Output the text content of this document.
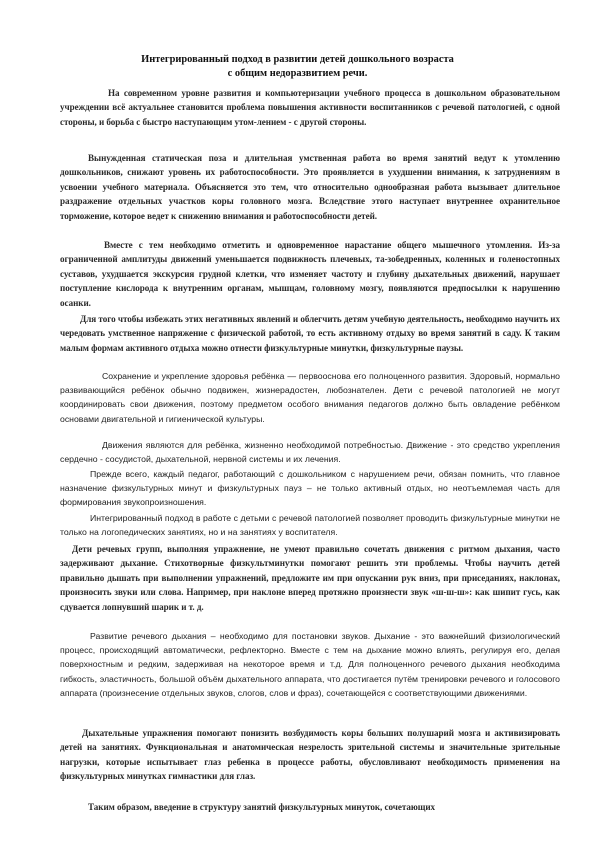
Интегрированный подход в развитии детей дошкольного возраста
с общим недоразвитием речи.

На современном уровне развития и компьютеризации учебного процесса в дошкольном образовательном учреждении всё актуальнее становится проблема повышения активности воспитанников с речевой патологией, с одной стороны, и борьба с быстро наступающим утом-лением - с другой стороны.

Вынужденная статическая поза и длительная умственная работа во время занятий ведут к утомлению дошкольников, снижают уровень их работоспособности. Это проявляется в ухудшении внимания, к затруднениям в усвоении учебного материала. Объясняется это тем, что относительно однообразная работа вызывает длительное раздражение отдельных участков коры головного мозга. Вследствие этого наступает внутреннее охранительное торможение, которое ведет к снижению внимания и работоспособности детей.

Вместе с тем необходимо отметить и одновременное нарастание общего мышечного утомления. Из-за ограниченной амплитуды движений уменьшается подвижность плечевых, та-зобедренных, коленных и голеностопных суставов, ухудшается экскурсия грудной клетки, что изменяет частоту и глубину дыхательных движений, нарушает поступление кислорода к внутренним органам, мышцам, головному мозгу, появляются предпосылки к нарушению осанки.

Для того чтобы избежать этих негативных явлений и облегчить детям учебную деятельность, необходимо научить их чередовать умственное напряжение с физической работой, то есть активному отдыху во время занятий в саду. К таким малым формам активного отдыха можно отнести физкультурные минутки, физкультурные паузы.

Сохранение и укрепление здоровья ребёнка — первооснова его полноценного развития. Здоровый, нормально развивающийся ребёнок обычно подвижен, жизнерадостен, любознателен. Дети с речевой патологией не могут координировать свои движения, поэтому предметом особого внимания педагогов должно быть овладение ребёнком основами двигательной и гигиенической культуры.

Движения являются для ребёнка, жизненно необходимой потребностью. Движение - это средство укрепления сердечно - сосудистой, дыхательной, нервной системы и их лечения.

Прежде всего, каждый педагог, работающий с дошкольником с нарушением речи, обязан помнить, что главное назначение физкультурных минут и физкультурных пауз – не только активный отдых, но неотъемлемая часть для формирования звукопроизношения.

Интегрированный подход в работе с детьми с речевой патологией позволяет проводить физкультурные минутки не только на логопедических занятиях, но и на занятиях у воспитателя.

Дети речевых групп, выполняя упражнение, не умеют правильно сочетать движения с ритмом дыхания, часто задерживают дыхание. Стихотворные физкультминутки помогают решить эти проблемы. Чтобы научить детей правильно дышать при выполнении упражнений, предложите им при опускании рук вниз, при приседаниях, наклонах, произносить звуки или слова. Например, при наклоне вперед протяжно произнести звук «ш-ш-ш»: как шипит гусь, как сдувается лопнувший шарик и т. д.

Развитие речевого дыхания – необходимо для постановки звуков. Дыхание - это важнейший физиологический процесс, происходящий автоматически, рефлекторно. Вместе с тем на дыхание можно влиять, регулируя его, делая поверхностным и редким, задерживая на некоторое время и т.д. Для полноценного речевого дыхания необходима гибкость, эластичность, большой объём дыхательного аппарата, что достигается путём тренировки речевого и голосового аппарата (произнесение отдельных звуков, слогов, слов и фраз), сочетающейся с соответствующими движениями.

Дыхательные упражнения помогают понизить возбудимость коры больших полушарий мозга и активизировать детей на занятиях. Функциональная и анатомическая незрелость зрительной системы и значительные зрительные нагрузки, которые испытывает глаз ребенка в процессе работы, обусловливают необходимость применения на физкультурных минутках гимнастики для глаз.

Таким образом, введение в структуру занятий физкультурных минуток, сочетающих
